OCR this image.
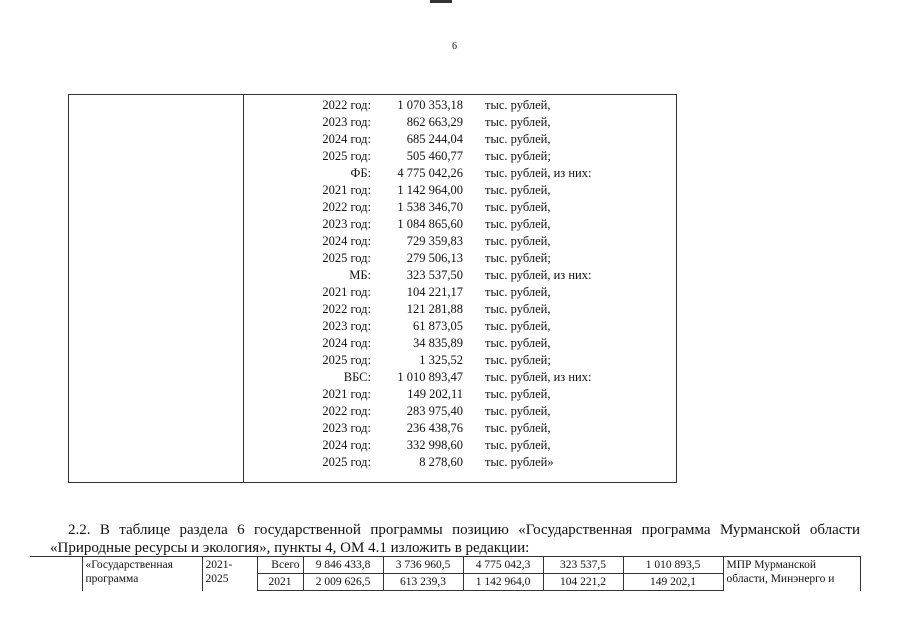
6
2022 год: 1 070 353,18 тыс. рублей,
2023 год:	862 663,29 тыс. рублей,
2024 год:	685 244,04 тыс. рублей,
2025 год:	505 460,77 тыс. рублей;
ФБ: 4 775 042,26 тыс. рублей, из них:
2021 год: 1 142 964,00 тыс. рублей,
2022 год: 1 538 346,70 тыс. рублей,
2023 год: 1 084 865,60 тыс. рублей,
2024 год:	729 359,83 тыс. рублей,
2025 год:	279 506,13 тыс. рублей;
МБ:	323 537,50 тыс. рублей, из них:
2021 год:	104 221,17 тыс. рублей,
2022 год:	121 281,88 тыс. рублей,
2023 год:	61 873,05 тыс. рублей,
2024 год:	34 835,89 тыс. рублей,
2025 год:	1 325,52 тыс. рублей;
ВБС: 1 010 893,47 тыс. рублей, из них:
2021 год:	149 202,11 тыс. рублей,
2022 год:	283 975,40 тыс. рублей,
2023 год:	236 438,76 тыс. рублей,
2024 год:	332 998,60 тыс. рублей,
2025 год:	8 278,60 тыс. рублей»

2.2. В таблице раздела 6 государственной программы позицию «Государственная программа Мурманской области «Природные ресурсы и экология», пункты 4, ОМ 4.1 изложить в редакции:

	«Государственная программа	2021-2025	Всего	9 846 433,8	3 736 960,5	4 775 042,3	323 537,5	1 010 893,5	МПР Мурманской области, Минэнерго и
			2021	2 009 626,5	613 239,3	1 142 964,0	104 221,2	149 202,1	
